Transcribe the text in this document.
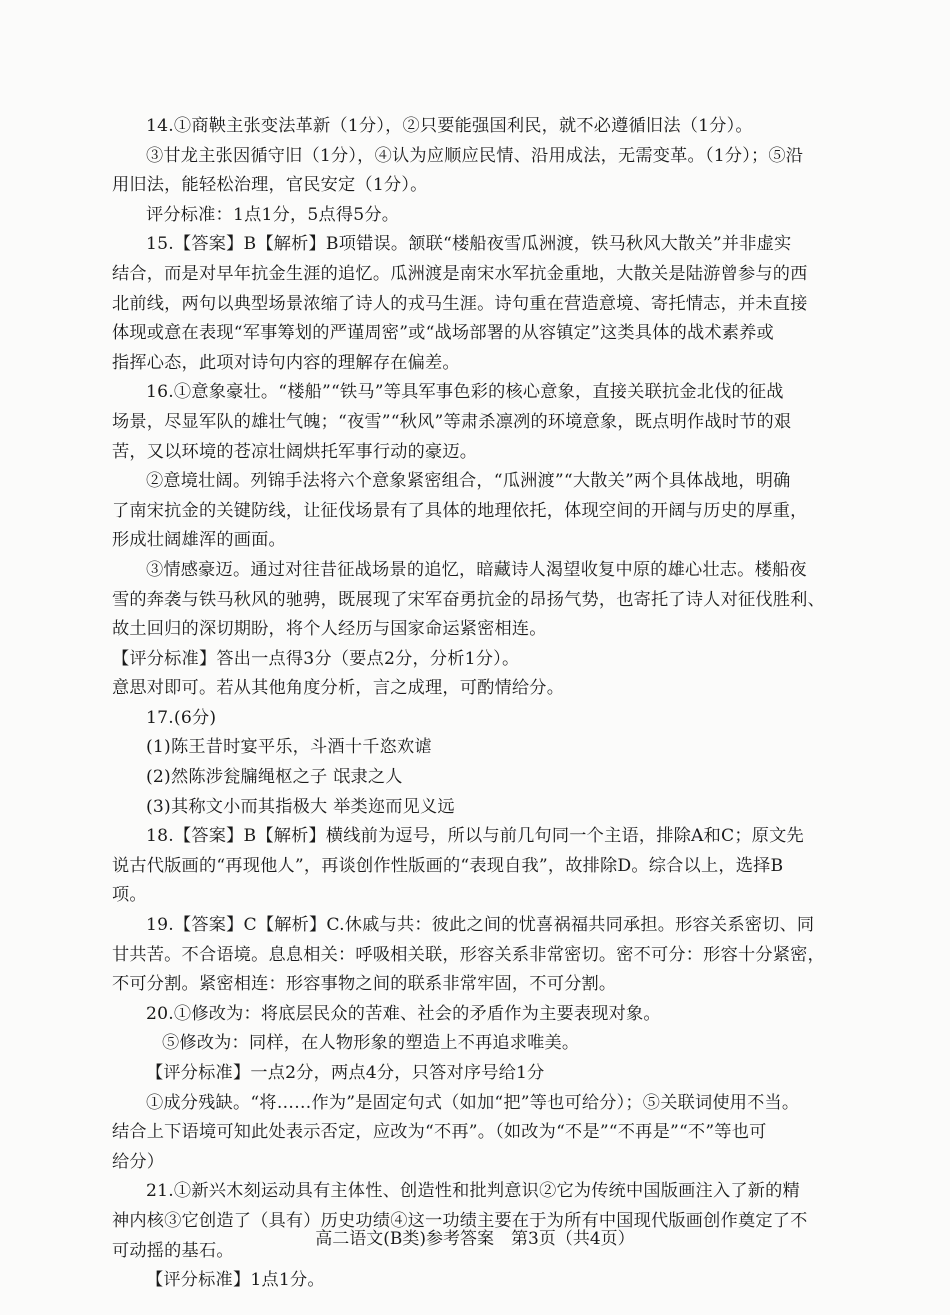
14.①商鞅主张变法革新（1分），②只要能强国利民，就不必遵循旧法（1分）。
③甘龙主张因循守旧（1分），④认为应顺应民情、沿用成法，无需变革。（1分）；⑤沿
用旧法，能轻松治理，官民安定（1分）。
评分标准：1点1分，5点得5分。
15.【答案】B【解析】B项错误。颔联“楼船夜雪瓜洲渡，铁马秋风大散关”并非虚实
结合，而是对早年抗金生涯的追忆。瓜洲渡是南宋水军抗金重地，大散关是陆游曾参与的西
北前线，两句以典型场景浓缩了诗人的戎马生涯。诗句重在营造意境、寄托情志，并未直接
体现或意在表现“军事筹划的严谨周密”或“战场部署的从容镇定”这类具体的战术素养或
指挥心态，此项对诗句内容的理解存在偏差。
16.①意象豪壮。“楼船”“铁马”等具军事色彩的核心意象，直接关联抗金北伐的征战
场景，尽显军队的雄壮气魄；“夜雪”“秋风”等肃杀凛冽的环境意象，既点明作战时节的艰
苦，又以环境的苍凉壮阔烘托军事行动的豪迈。
②意境壮阔。列锦手法将六个意象紧密组合，“瓜洲渡”“大散关”两个具体战地，明确
了南宋抗金的关键防线，让征伐场景有了具体的地理依托，体现空间的开阔与历史的厚重，
形成壮阔雄浑的画面。
③情感豪迈。通过对往昔征战场景的追忆，暗藏诗人渴望收复中原的雄心壮志。楼船夜
雪的奔袭与铁马秋风的驰骋，既展现了宋军奋勇抗金的昂扬气势，也寄托了诗人对征伐胜利、
故土回归的深切期盼，将个人经历与国家命运紧密相连。
【评分标准】答出一点得3分（要点2分，分析1分）。
意思对即可。若从其他角度分析，言之成理，可酌情给分。
17.(6分)
(1)陈王昔时宴平乐，斗酒十千恣欢谑
(2)然陈涉瓮牖绳枢之子 氓隶之人
(3)其称文小而其指极大 举类迩而见义远
18.【答案】B【解析】横线前为逗号，所以与前几句同一个主语，排除A和C；原文先
说古代版画的“再现他人”，再谈创作性版画的“表现自我”，故排除D。综合以上，选择B
项。
19.【答案】C【解析】C.休戚与共：彼此之间的忧喜祸福共同承担。形容关系密切、同
甘共苦。不合语境。息息相关：呼吸相关联，形容关系非常密切。密不可分：形容十分紧密，
不可分割。紧密相连：形容事物之间的联系非常牢固，不可分割。
20.①修改为：将底层民众的苦难、社会的矛盾作为主要表现对象。
⑤修改为：同样，在人物形象的塑造上不再追求唯美。
【评分标准】一点2分，两点4分，只答对序号给1分
①成分残缺。“将……作为”是固定句式（如加“把”等也可给分）；⑤关联词使用不当。
结合上下语境可知此处表示否定，应改为“不再”。（如改为“不是”“不再是”“不”等也可
给分）
21.①新兴木刻运动具有主体性、创造性和批判意识②它为传统中国版画注入了新的精
神内核③它创造了（具有）历史功绩④这一功绩主要在于为所有中国现代版画创作奠定了不
可动摇的基石。
【评分标准】1点1分。
高二语文(B类)参考答案　第3页（共4页）
